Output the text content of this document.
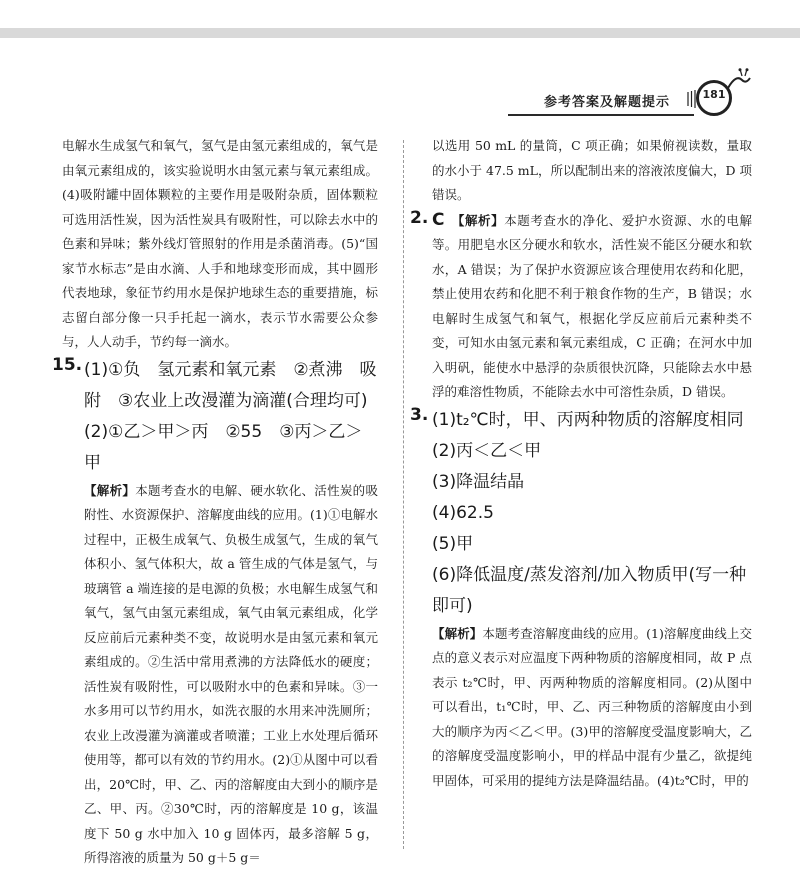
参考答案及解题提示
181

电解水生成氢气和氧气，氢气是由氢元素组成的，氧气是由氧元素组成的，该实验说明水由氢元素与氧元素组成。(4)吸附罐中固体颗粒的主要作用是吸附杂质，固体颗粒可选用活性炭，因为活性炭具有吸附性，可以除去水中的色素和异味；紫外线灯管照射的作用是杀菌消毒。(5)“国家节水标志”是由水滴、人手和地球变形而成，其中圆形代表地球，象征节约用水是保护地球生态的重要措施，标志留白部分像一只手托起一滴水，表示节水需要公众参与，人人动手，节约每一滴水。

15. (1)①负　氢元素和氧元素　②煮沸　吸附　③农业上改漫灌为滴灌(合理均可)

(2)①乙＞甲＞丙　②55　③丙＞乙＞甲

【解析】本题考查水的电解、硬水软化、活性炭的吸附性、水资源保护、溶解度曲线的应用。(1)①电解水过程中，正极生成氧气、负极生成氢气，生成的氧气体积小、氢气体积大，故 a 管生成的气体是氢气，与玻璃管 a 端连接的是电源的负极；水电解生成氢气和氧气，氢气由氢元素组成，氧气由氧元素组成，化学反应前后元素种类不变，故说明水是由氢元素和氧元素组成的。②生活中常用煮沸的方法降低水的硬度；活性炭有吸附性，可以吸附水中的色素和异味。③一水多用可以节约用水，如洗衣服的水用来冲洗厕所；农业上改漫灌为滴灌或者喷灌；工业上水处理后循环使用等，都可以有效的节约用水。(2)①从图中可以看出，20℃时，甲、乙、丙的溶解度由大到小的顺序是乙、甲、丙。②30℃时，丙的溶解度是 10 g，该温度下 50 g 水中加入 10 g 固体丙，最多溶解 5 g，所得溶液的质量为 50 g＋5 g＝

以选用 50 mL 的量筒，C 项正确；如果俯视读数，量取的水小于 47.5 mL，所以配制出来的溶液浓度偏大，D 项错误。

2. C　 【解析】本题考查水的净化、爱护水资源、水的电解等。用肥皂水区分硬水和软水，活性炭不能区分硬水和软水，A 错误；为了保护水资源应该合理使用农药和化肥，禁止使用农药和化肥不利于粮食作物的生产，B 错误；水电解时生成氢气和氧气，根据化学反应前后元素种类不变，可知水由氢元素和氧元素组成，C 正确；在河水中加入明矾，能使水中悬浮的杂质很快沉降，只能除去水中悬浮的难溶性物质，不能除去水中可溶性杂质，D 错误。

3. (1)t₂℃时，甲、丙两种物质的溶解度相同

(2)丙＜乙＜甲

(3)降温结晶

(4)62.5

(5)甲

(6)降低温度/蒸发溶剂/加入物质甲(写一种即可)

【解析】本题考查溶解度曲线的应用。(1)溶解度曲线上交点的意义表示对应温度下两种物质的溶解度相同，故 P 点表示 t₂℃时，甲、丙两种物质的溶解度相同。(2)从图中可以看出，t₁℃时，甲、乙、丙三种物质的溶解度由小到大的顺序为丙＜乙＜甲。(3)甲的溶解度受温度影响大，乙的溶解度受温度影响小，甲的样品中混有少量乙，欲提纯甲固体，可采用的提纯方法是降温结晶。(4)t₂℃时，甲的
